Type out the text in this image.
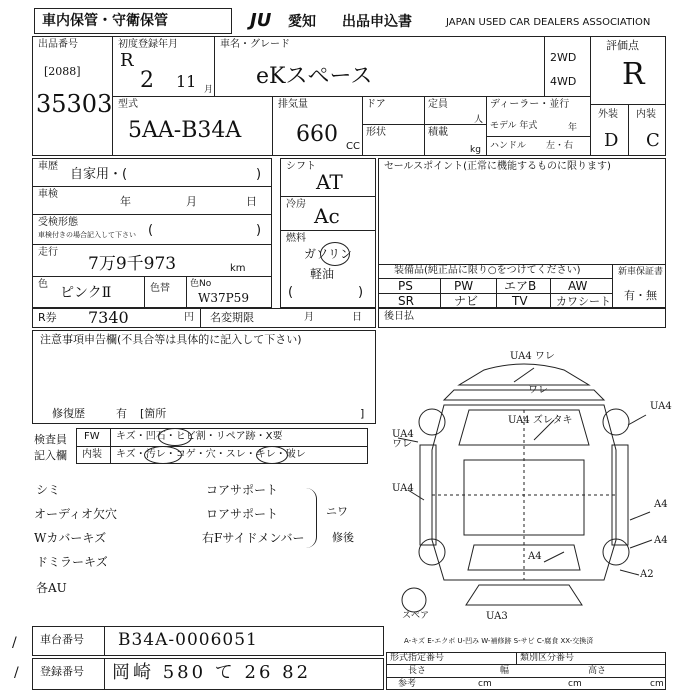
車内保管・守衛保管	JU 愛知 出品申込書	JAPAN USED CAR DEALERS ASSOCIATION
出品番号
[2088]
35303
初度登録年月
R
2 11 月
車名・グレード
eKスペース
2WD
4WD
評価点
R
外装 内装
D C
型式
5AA-B34A
排気量
660 CC
ドア	定員
人
形状	積載
kg
ディーラー・並行
モデル 年式	年
ハンドル 左・右
車歴
自家用・(	)
車検
年	月	日
受検形態
車検付きの場合記入して下さい (	)
走行
7万9千973	km
色
ピンクⅡ	色替 色No
W37P59
シフト
AT
冷房 Ac
燃料
ガソリン
軽油
(	)
セールスポイント(正常に機能するものに限ります)
装備品(純正品に限り○をつけてください)	新車保証書
有・無
PS	PW	エアB	AW
SR	ナビ	TV	カワシート
R券 7340	円 名変期限	月	日 後日払
注意事項申告欄(不具合等は具体的に記入して下さい)
修復歴	有 [箇所	]
検査員
記入欄
FW キズ・凹石・ヒビ割・リペア跡・X要
内装 キズ・汚レ・コゲ・穴・スレ・キレ・破レ
シミ
オーディオ欠穴
Wカバーキズ
ドミラーキズ
各AU
コアサポート
ロアサポート
右Fサイドメンバー
ニワ
修後
UA4 ワレ
ワレ
UA4 ズレタキ
UA4
UA4 ワレ
UA4
A4
A4
A4
A2
UA3
スペア
A-キズ E-エクボ U-凹み W-補修跡 S-サビ C-腐食 XX-交換済
車台番号 B34A-0006051
登録番号 岡崎 580 て 26 82
/
/
形式指定番号	類別区分番号
長さ	幅	高さ
参考	cm	cm	cm
